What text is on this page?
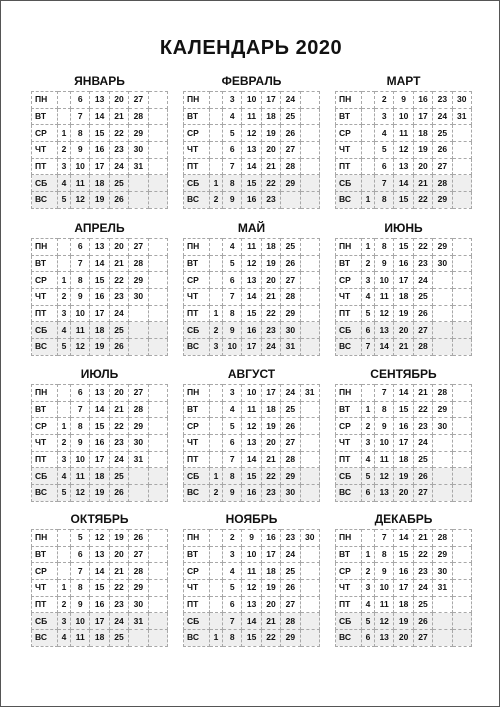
КАЛЕНДАРЬ 2020
ЯНВАРЬ
ПН		6	13	20	27	
ВТ		7	14	21	28	
СР	1	8	15	22	29	
ЧТ	2	9	16	23	30	
ПТ	3	10	17	24	31	
СБ	4	11	18	25		
ВС	5	12	19	26		
ФЕВРАЛЬ
ПН		3	10	17	24	
ВТ		4	11	18	25	
СР		5	12	19	26	
ЧТ		6	13	20	27	
ПТ		7	14	21	28	
СБ	1	8	15	22	29	
ВС	2	9	16	23		
МАРТ
ПН		2	9	16	23	30
ВТ		3	10	17	24	31
СР		4	11	18	25	
ЧТ		5	12	19	26	
ПТ		6	13	20	27	
СБ		7	14	21	28	
ВС	1	8	15	22	29	
АПРЕЛЬ
ПН		6	13	20	27	
ВТ		7	14	21	28	
СР	1	8	15	22	29	
ЧТ	2	9	16	23	30	
ПТ	3	10	17	24		
СБ	4	11	18	25		
ВС	5	12	19	26		
МАЙ
ПН		4	11	18	25	
ВТ		5	12	19	26	
СР		6	13	20	27	
ЧТ		7	14	21	28	
ПТ	1	8	15	22	29	
СБ	2	9	16	23	30	
ВС	3	10	17	24	31	
ИЮНЬ
ПН	1	8	15	22	29	
ВТ	2	9	16	23	30	
СР	3	10	17	24		
ЧТ	4	11	18	25		
ПТ	5	12	19	26		
СБ	6	13	20	27		
ВС	7	14	21	28		
ИЮЛЬ
ПН		6	13	20	27	
ВТ		7	14	21	28	
СР	1	8	15	22	29	
ЧТ	2	9	16	23	30	
ПТ	3	10	17	24	31	
СБ	4	11	18	25		
ВС	5	12	19	26		
АВГУСТ
ПН		3	10	17	24	31
ВТ		4	11	18	25	
СР		5	12	19	26	
ЧТ		6	13	20	27	
ПТ		7	14	21	28	
СБ	1	8	15	22	29	
ВС	2	9	16	23	30	
СЕНТЯБРЬ
ПН		7	14	21	28	
ВТ	1	8	15	22	29	
СР	2	9	16	23	30	
ЧТ	3	10	17	24		
ПТ	4	11	18	25		
СБ	5	12	19	26		
ВС	6	13	20	27		
ОКТЯБРЬ
ПН		5	12	19	26	
ВТ		6	13	20	27	
СР		7	14	21	28	
ЧТ	1	8	15	22	29	
ПТ	2	9	16	23	30	
СБ	3	10	17	24	31	
ВС	4	11	18	25		
НОЯБРЬ
ПН		2	9	16	23	30
ВТ		3	10	17	24	
СР		4	11	18	25	
ЧТ		5	12	19	26	
ПТ		6	13	20	27	
СБ		7	14	21	28	
ВС	1	8	15	22	29	
ДЕКАБРЬ
ПН		7	14	21	28	
ВТ	1	8	15	22	29	
СР	2	9	16	23	30	
ЧТ	3	10	17	24	31	
ПТ	4	11	18	25		
СБ	5	12	19	26		
ВС	6	13	20	27		
